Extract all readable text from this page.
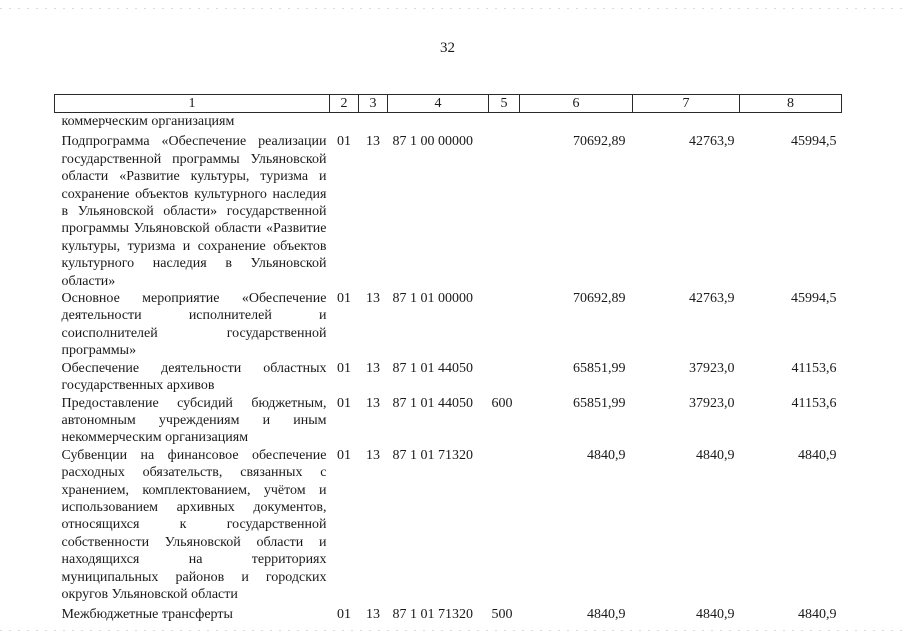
32
1	2	3	4	5	6	7	8
коммерческим организациям							
Подпрограмма «Обеспечение реализации государственной программы Ульяновской области «Развитие культуры, туризма и сохранение объектов культурного наследия в Ульяновской области» государственной программы Ульяновской области «Развитие культуры, туризма и сохранение объектов культурного наследия в Ульяновской области»	01	13	87 1 00 00000		70692,89	42763,9	45994,5
Основное мероприятие «Обеспечение деятельности исполнителей и соисполнителей государственной программы»	01	13	87 1 01 00000		70692,89	42763,9	45994,5
Обеспечение деятельности областных государственных архивов	01	13	87 1 01 44050		65851,99	37923,0	41153,6
Предоставление субсидий бюджетным, автономным учреждениям и иным некоммерческим организациям	01	13	87 1 01 44050	600	65851,99	37923,0	41153,6
Субвенции на финансовое обеспечение расходных обязательств, связанных с хранением, комплектованием, учётом и использованием архивных документов, относящихся к государственной собственности Ульяновской области и находящихся на территориях муниципальных районов и городских округов Ульяновской области	01	13	87 1 01 71320		4840,9	4840,9	4840,9
Межбюджетные трансферты	01	13	87 1 01 71320	500	4840,9	4840,9	4840,9
